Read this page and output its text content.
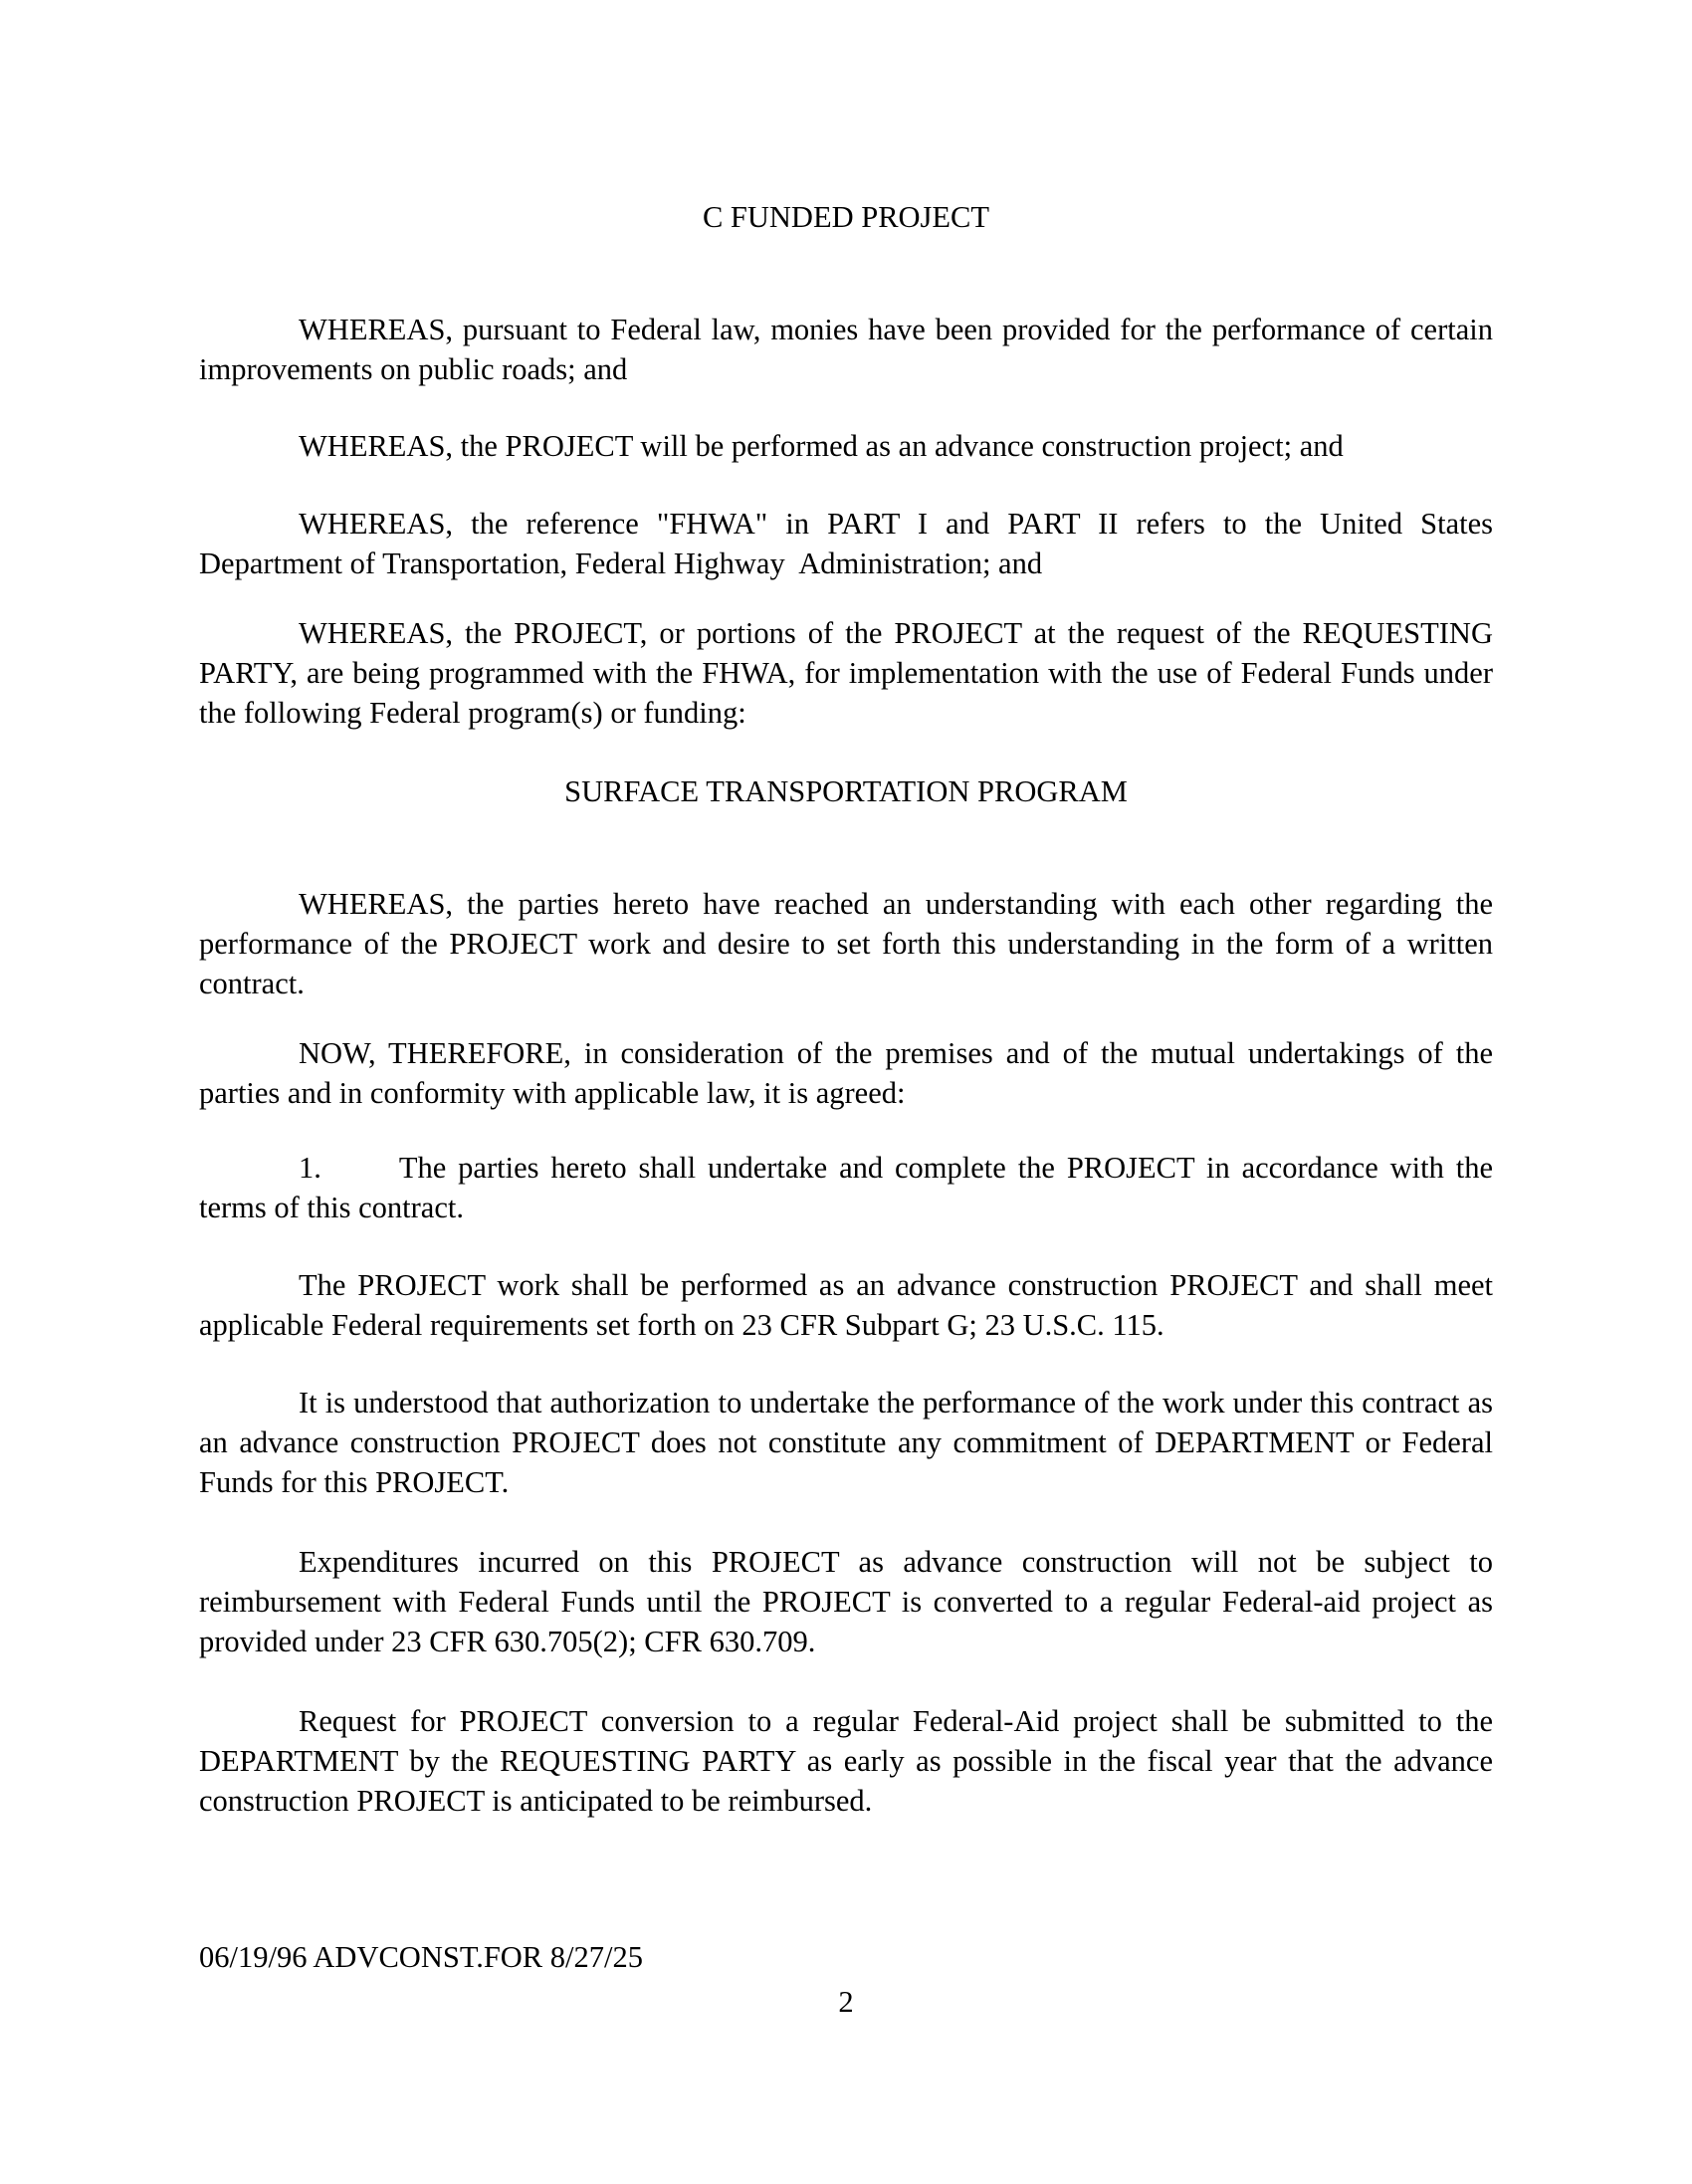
C FUNDED PROJECT
WHEREAS, pursuant to Federal law, monies have been provided for the performance of certain improvements on public roads; and
WHEREAS, the PROJECT will be performed as an advance construction project; and
WHEREAS, the reference "FHWA" in PART I and PART II refers to the United States Department of Transportation, Federal Highway  Administration; and
WHEREAS, the PROJECT, or portions of the PROJECT at the request of the REQUESTING PARTY, are being programmed with the FHWA, for implementation with the use of Federal Funds under the following Federal program(s) or funding:
SURFACE TRANSPORTATION PROGRAM
WHEREAS, the parties hereto have reached an understanding with each other regarding the performance of the PROJECT work and desire to set forth this understanding in the form of a written contract.
NOW, THEREFORE, in consideration of the premises and of the mutual undertakings of the parties and in conformity with applicable law, it is agreed:
1.	The parties hereto shall undertake and complete the PROJECT in accordance with the terms of this contract.
The PROJECT work shall be performed as an advance construction PROJECT and shall meet applicable Federal requirements set forth on 23 CFR Subpart G; 23 U.S.C. 115.
It is understood that authorization to undertake the performance of the work under this contract as an advance construction PROJECT does not constitute any commitment of DEPARTMENT or Federal Funds for this PROJECT.
Expenditures incurred on this PROJECT as advance construction will not be subject to reimbursement with Federal Funds until the PROJECT is converted to a regular Federal-aid project as provided under 23 CFR 630.705(2); CFR 630.709.
Request for PROJECT conversion to a regular Federal-Aid project shall be submitted to the DEPARTMENT by the REQUESTING PARTY as early as possible in the fiscal year that the advance construction PROJECT is anticipated to be reimbursed.
06/19/96 ADVCONST.FOR 8/27/25
2
